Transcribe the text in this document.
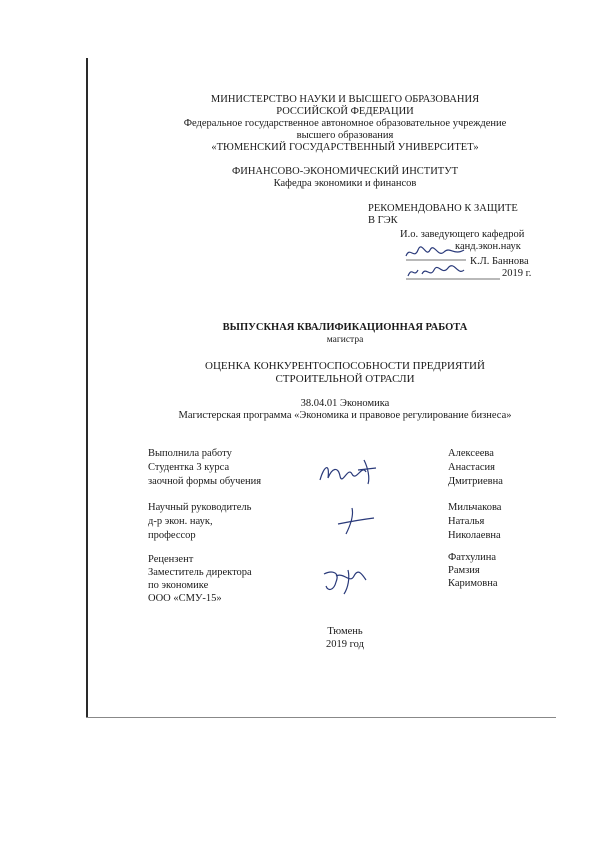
МИНИСТЕРСТВО НАУКИ И ВЫСШЕГО ОБРАЗОВАНИЯ
РОССИЙСКОЙ ФЕДЕРАЦИИ
Федеральное государственное автономное образовательное учреждение
высшего образования
«ТЮМЕНСКИЙ ГОСУДАРСТВЕННЫЙ УНИВЕРСИТЕТ»
ФИНАНСОВО-ЭКОНОМИЧЕСКИЙ ИНСТИТУТ
Кафедра экономики и финансов
РЕКОМЕНДОВАНО К ЗАЩИТЕ
В ГЭК
И.о. заведующего кафедрой
канд.экон.наук
К.Л. Баннова
2019 г.
ВЫПУСКНАЯ КВАЛИФИКАЦИОННАЯ РАБОТА
магистра
ОЦЕНКА КОНКУРЕНТОСПОСОБНОСТИ ПРЕДРИЯТИЙ
СТРОИТЕЛЬНОЙ ОТРАСЛИ
38.04.01 Экономика
Магистерская программа «Экономика и правовое регулирование бизнеса»
Выполнила работу
Студентка 3 курса
заочной формы обучения
Алексеева
Анастасия
Дмитриевна
Научный руководитель
д-р экон. наук,
профессор
Мильчакова
Наталья
Николаевна
Рецензент
Заместитель директора
по экономике
ООО «СМУ-15»
Фатхулина
Рамзия
Каримовна
Тюмень
2019 год
